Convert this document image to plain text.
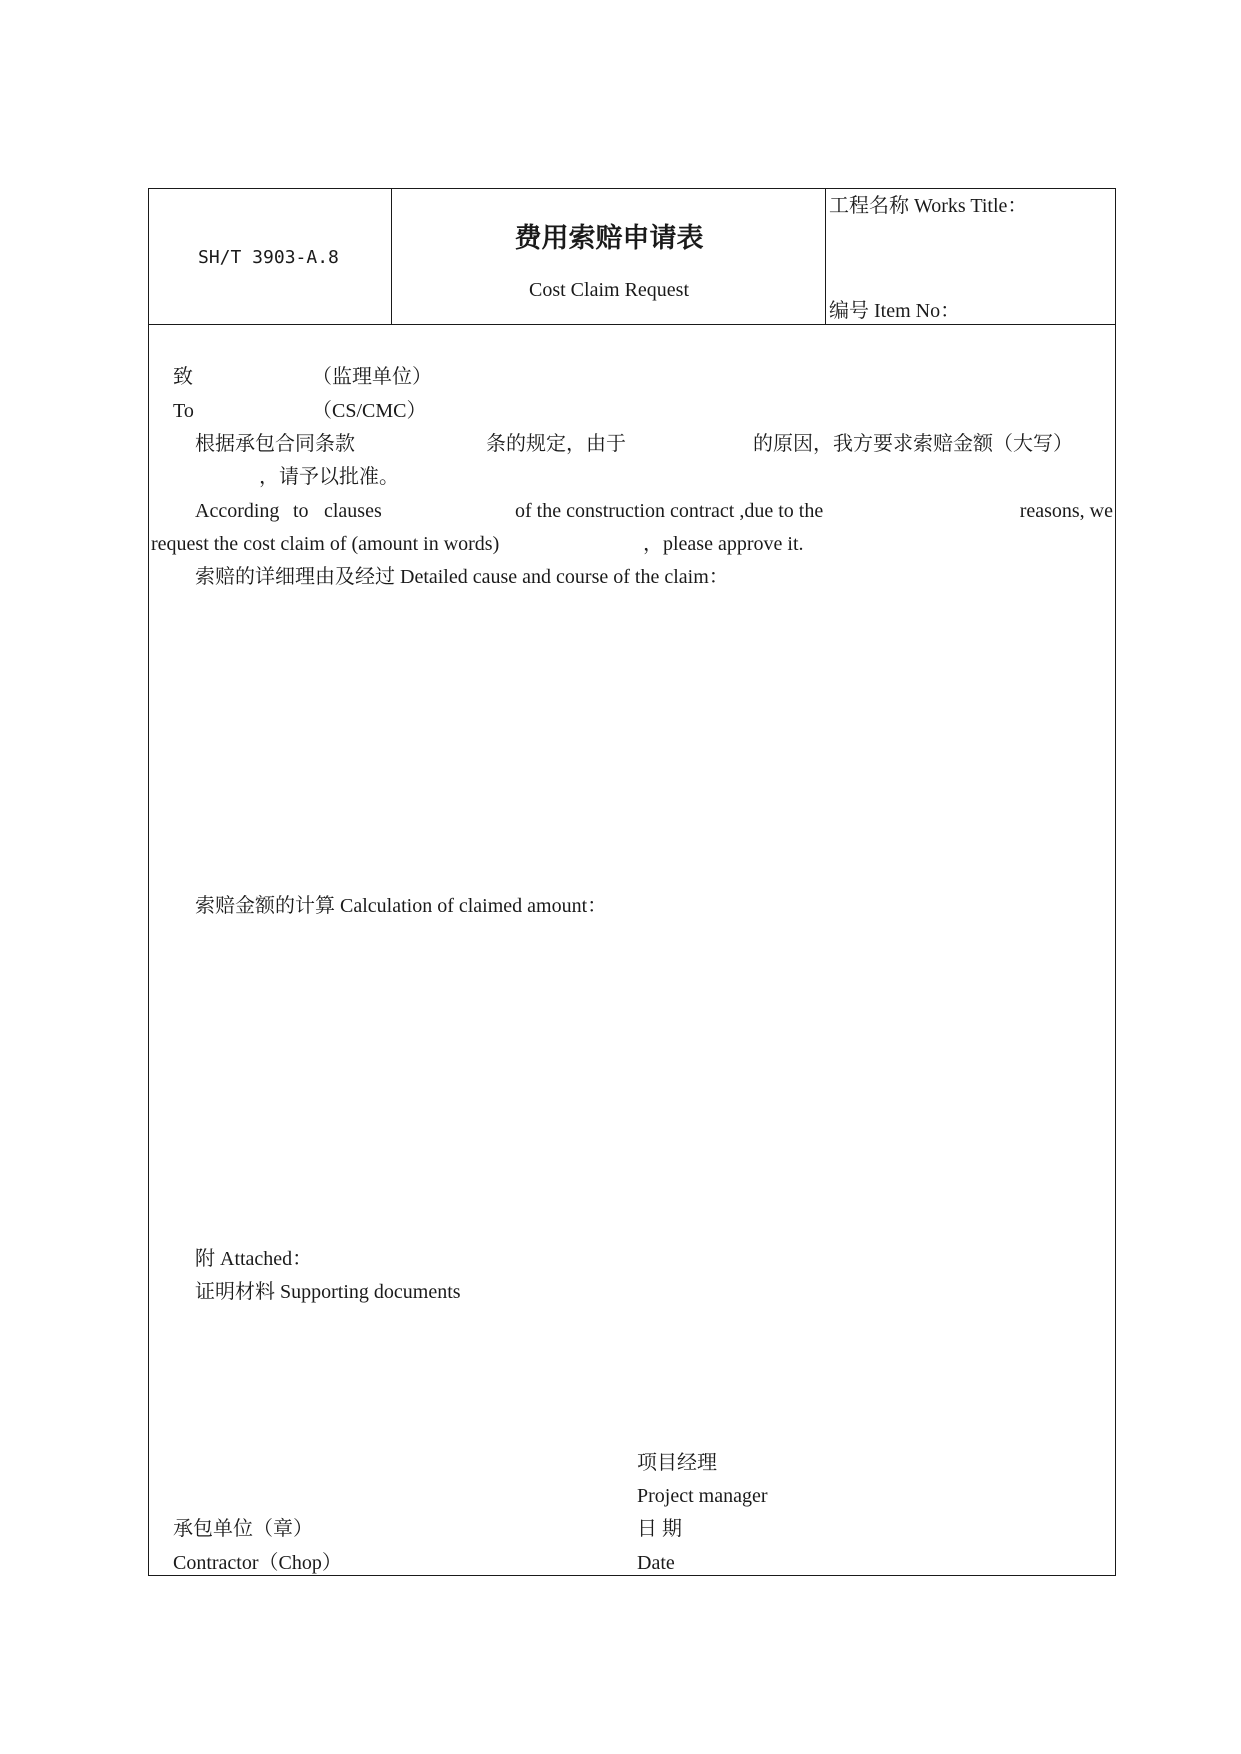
SH/T 3903-A.8
费用索赔申请表
Cost Claim Request
工程名称 Works Title：
编号 Item No：
致	（监理单位）
To	（CS/CMC）
根据承包合同条款	条的规定，由于	的原因，我方要求索赔金额（大写）
，请予以批准。
According to clauses	of the construction contract ,due to the	reasons, we
request the cost claim of (amount in words)	，please approve it.
索赔的详细理由及经过 Detailed cause and course of the claim：
索赔金额的计算 Calculation of claimed amount：
附 Attached：
证明材料 Supporting documents
项目经理
Project manager
日 期
Date
承包单位（章）
Contractor（Chop）
